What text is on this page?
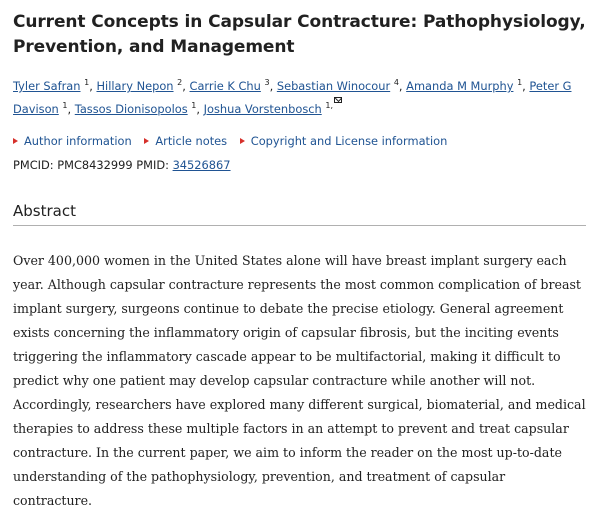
Current Concepts in Capsular Contracture: Pathophysiology, Prevention, and Management
Tyler Safran $^1$, Hillary Nepon $^2$, Carrie K Chu $^3$, Sebastian Winocour $^4$, Amanda M Murphy $^1$, Peter G Davison $^1$, Tassos Dionisopolos $^1$, Joshua Vorstenbosch $^{1,}$
Author information Article notes Copyright and License information
PMCID: PMC8432999 PMID: 34526867
Abstract

Over 400,000 women in the United States alone will have breast implant surgery each year. Although capsular contracture represents the most common complication of breast implant surgery, surgeons continue to debate the precise etiology. General agreement exists concerning the inflammatory origin of capsular fibrosis, but the inciting events triggering the inflammatory cascade appear to be multifactorial, making it difficult to predict why one patient may develop capsular contracture while another will not. Accordingly, researchers have explored many different surgical, biomaterial, and medical therapies to address these multiple factors in an attempt to prevent and treat capsular contracture. In the current paper, we aim to inform the reader on the most up-to-date understanding of the pathophysiology, prevention, and treatment of capsular contracture.
